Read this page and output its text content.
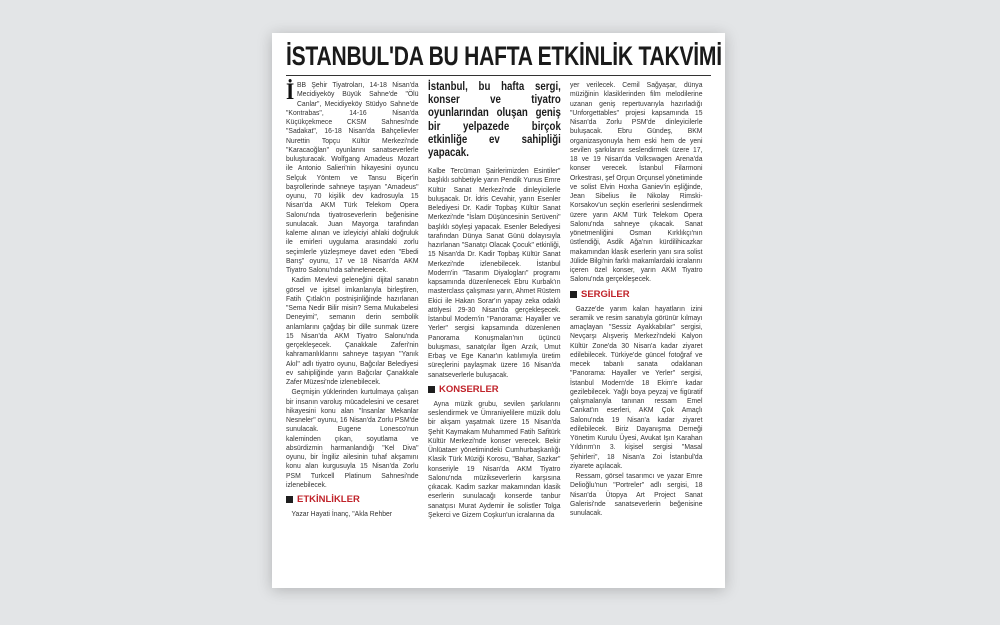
İSTANBUL'DA BU HAFTA ETKİNLİK TAKVİMİ

İBB Şehir Tiyatroları, 14-18 Nisan'da Mecidiyeköy Büyük Sahne'de "Ölü Canlar", Mecidiyeköy Stüdyo Sahne'de "Kontrabas", 14-16 Nisan'da Küçükçekmece CKSM Sahnesi'nde "Sadakat", 16-18 Nisan'da Bahçelievler Nurettin Topçu Kültür Merkezi'nde "Karacaoğlan" oyunlarını sanatseverlerle buluşturacak. Wolfgang Amadeus Mozart ile Antonio Salieri'nin hikayesini oyuncu Selçuk Yöntem ve Tansu Biçer'in başrollerinde sahneye taşıyan "Amadeus" oyunu, 70 kişilik dev kadrosuyla 15 Nisan'da AKM Türk Telekom Opera Salonu'nda tiyatroseverlerin beğenisine sunulacak. Juan Mayorga tarafından kaleme alınan ve izleyiciyi ahlaki doğruluk ile emirleri uygulama arasındaki zorlu seçimlerle yüzleşmeye davet eden "Ebedi Barış" oyunu, 17 ve 18 Nisan'da AKM Tiyatro Salonu'nda sahnelenecek.

Kadim Mevlevi geleneğini dijital sanatın görsel ve işitsel imkanlarıyla birleştiren, Fatih Çıtlak'ın postnişinliğinde hazırlanan "Sema Nedir Bilir misin? Sema Mukabelesi Deneyimi", semanın derin sembolik anlamlarını çağdaş bir dille sunmak üzere 15 Nisan'da AKM Tiyatro Salonu'nda gerçekleşecek. Çanakkale Zaferi'nin kahramanlıklarını sahneye taşıyan "Yanık Akıl" adlı tiyatro oyunu, Bağcılar Belediyesi ev sahipliğinde yarın Bağcılar Çanakkale Zafer Müzesi'nde izlenebilecek.

Geçmişin yüklerinden kurtulmaya çalışan bir insanın varoluş mücadelesini ve cesaret hikayesini konu alan "İnsanlar Mekanlar Nesneler" oyunu, 16 Nisan'da Zorlu PSM'de sunulacak. Eugene Lonesco'nun kaleminden çıkan, soyutlama ve absürdizmin harmanlandığı "Kel Diva" oyunu, bir İngiliz ailesinin tuhaf akşamını konu alan kurgusuyla 15 Nisan'da Zorlu PSM Turkcell Platinum Sahnesi'nde izlenebilecek.

ETKİNLİKLER

Yazar Hayati İnanç, "Akla Rehber

İstanbul, bu hafta sergi, konser ve tiyatro oyunlarından oluşan geniş bir yelpazede birçok etkinliğe ev sahipliği yapacak.

Kalbe Tercüman Şairlerimizden Esintiler" başlıklı sohbetiyle yarın Pendik Yunus Emre Kültür Sanat Merkezi'nde dinleyicilerle buluşacak. Dr. İdris Cevahir, yarın Esenler Belediyesi Dr. Kadir Topbaş Kültür Sanat Merkezi'nde "İslam Düşüncesinin Serüveni" başlıklı söyleşi yapacak. Esenler Belediyesi tarafından Dünya Sanat Günü dolayısıyla hazırlanan "Sanatçı Olacak Çocuk" etkinliği, 15 Nisan'da Dr. Kadir Topbaş Kültür Sanat Merkezi'nde izlenebilecek. İstanbul Modern'in "Tasarım Diyalogları" programı kapsamında düzenlenecek Ebru Kurbak'ın masterclass çalışması yarın, Ahmet Rüstem Ekici ile Hakan Sorar'ın yapay zeka odaklı atölyesi 29-30 Nisan'da gerçekleşecek. İstanbul Modern'in "Panorama: Hayaller ve Yerler" sergisi kapsamında düzenlenen Panorama Konuşmaları'nın üçüncü buluşması, sanatçılar İlgen Arzık, Umut Erbaş ve Ege Kanar'ın katılımıyla üretim süreçlerini paylaşmak üzere 16 Nisan'da sanatseverlerle buluşacak.

KONSERLER

Ayna müzik grubu, sevilen şarkılarını seslendirmek ve Ümraniyelilere müzik dolu bir akşam yaşatmak üzere 15 Nisan'da Şehit Kaymakam Muhammed Fatih Safitürk Kültür Merkezi'nde konser verecek. Bekir Ünlüataer yönetimindeki Cumhurbaşkanlığı Klasik Türk Müziği Korosu, "Bahar, Sazkar" konseriyle 19 Nisan'da AKM Tiyatro Salonu'nda müzikseverlerin karşısına çıkacak. Kadim sazkar makamından klasik eserlerin sunulacağı konserde tanbur sanatçısı Murat Aydemir ile solistler Tolga Şekerci ve Gizem Coşkun'un icralarına da

yer verilecek. Cemil Sağyaşar, dünya müziğinin klasiklerinden film melodilerine uzanan geniş repertuvarıyla hazırladığı "Unforgettables" projesi kapsamında 15 Nisan'da Zorlu PSM'de dinleyicilerle buluşacak. Ebru Gündeş, BKM organizasyonuyla hem eski hem de yeni sevilen şarkılarını seslendirmek üzere 17, 18 ve 19 Nisan'da Volkswagen Arena'da konser verecek. İstanbul Filarmoni Orkestrası, şef Orçun Orçunsel yönetiminde ve solist Elvin Hoxha Ganiev'in eşliğinde, Jean Sibelius ile Nikolay Rimski-Korsakov'un seçkin eserlerini seslendirmek üzere yarın AKM Türk Telekom Opera Salonu'nda sahneye çıkacak. Sanat yönetmenliğini Osman Kırklıkçı'nın üstlendiği, Asdik Ağa'nın kürdilihicazkar makamından klasik eserlerin yanı sıra solist Jülide Bilgi'nin farklı makamlardaki icralarını içeren özel konser, yarın AKM Tiyatro Salonu'nda gerçekleşecek.

SERGİLER

Gazze'de yarım kalan hayatların izini seramik ve resim sanatıyla görünür kılmayı amaçlayan "Sessiz Ayakkabılar" sergisi, Nevçarşı Alışveriş Merkezi'ndeki Kalyon Kültür Zone'da 30 Nisan'a kadar ziyaret edilebilecek. Türkiye'de güncel fotoğraf ve mecek tabanlı sanata odaklanan "Panorama: Hayaller ve Yerler" sergisi, İstanbul Modern'de 18 Ekim'e kadar gezilebilecek. Yağlı boya peyzaj ve figüratif çalışmalarıyla tanınan ressam Emel Cankat'ın eserleri, AKM Çok Amaçlı Salonu'nda 19 Nisan'a kadar ziyaret edilebilecek. Biriz Dayanışma Derneği Yönetim Kurulu Üyesi, Avukat Işın Karahan Yıldırım'ın 3. kişisel sergisi "Masal Şehirleri", 18 Nisan'a Zoi İstanbul'da ziyarete açılacak.

Ressam, görsel tasarımcı ve yazar Emre Delioğlu'nun "Portreler" adlı sergisi, 18 Nisan'da Ütopya Art Project Sanat Galerisi'nde sanatseverlerin beğenisine sunulacak.
